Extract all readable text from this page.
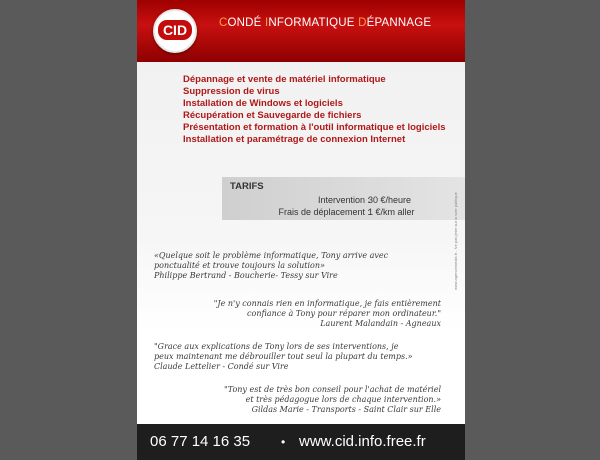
CID	CONDÉ INFORMATIQUE DÉPANNAGE
Dépannage et vente de matériel informatique
Suppression de virus
Installation de Windows et logiciels
Récupération et Sauvegarde de fichiers
Présentation et formation à l'outil informatique et logiciels
Installation et paramétrage de connexion Internet
TARIFS
Intervention :
30 €/heure
Frais de déplacement :
1 €/km aller
«Quelque soit le problème informatique, Tony arrive avec
ponctualité et trouve toujours la solution»
Philippe Bertrand - Boucherie- Tessy sur Vire
"Je n'y connais rien en informatique, je fais entièrement
confiance à Tony pour réparer mon ordinateur."
Laurent Malandain - Agneaux
"Grace aux explications de Tony lors de ses interventions, je
peux maintenant me débrouiller tout seul la plupart du temps.»
Claude Lettelier - Condé sur Vire
"Tony est de très bon conseil pour l'achat de matériel
et très pédagogue lors de chaque intervention.»
Gildas Marie - Transports - Saint Clair sur Elle
www.agencemedia.fr - Ne pas jeter sur la voie publique
06 77 14 16 35	• www.cid.info.free.fr
